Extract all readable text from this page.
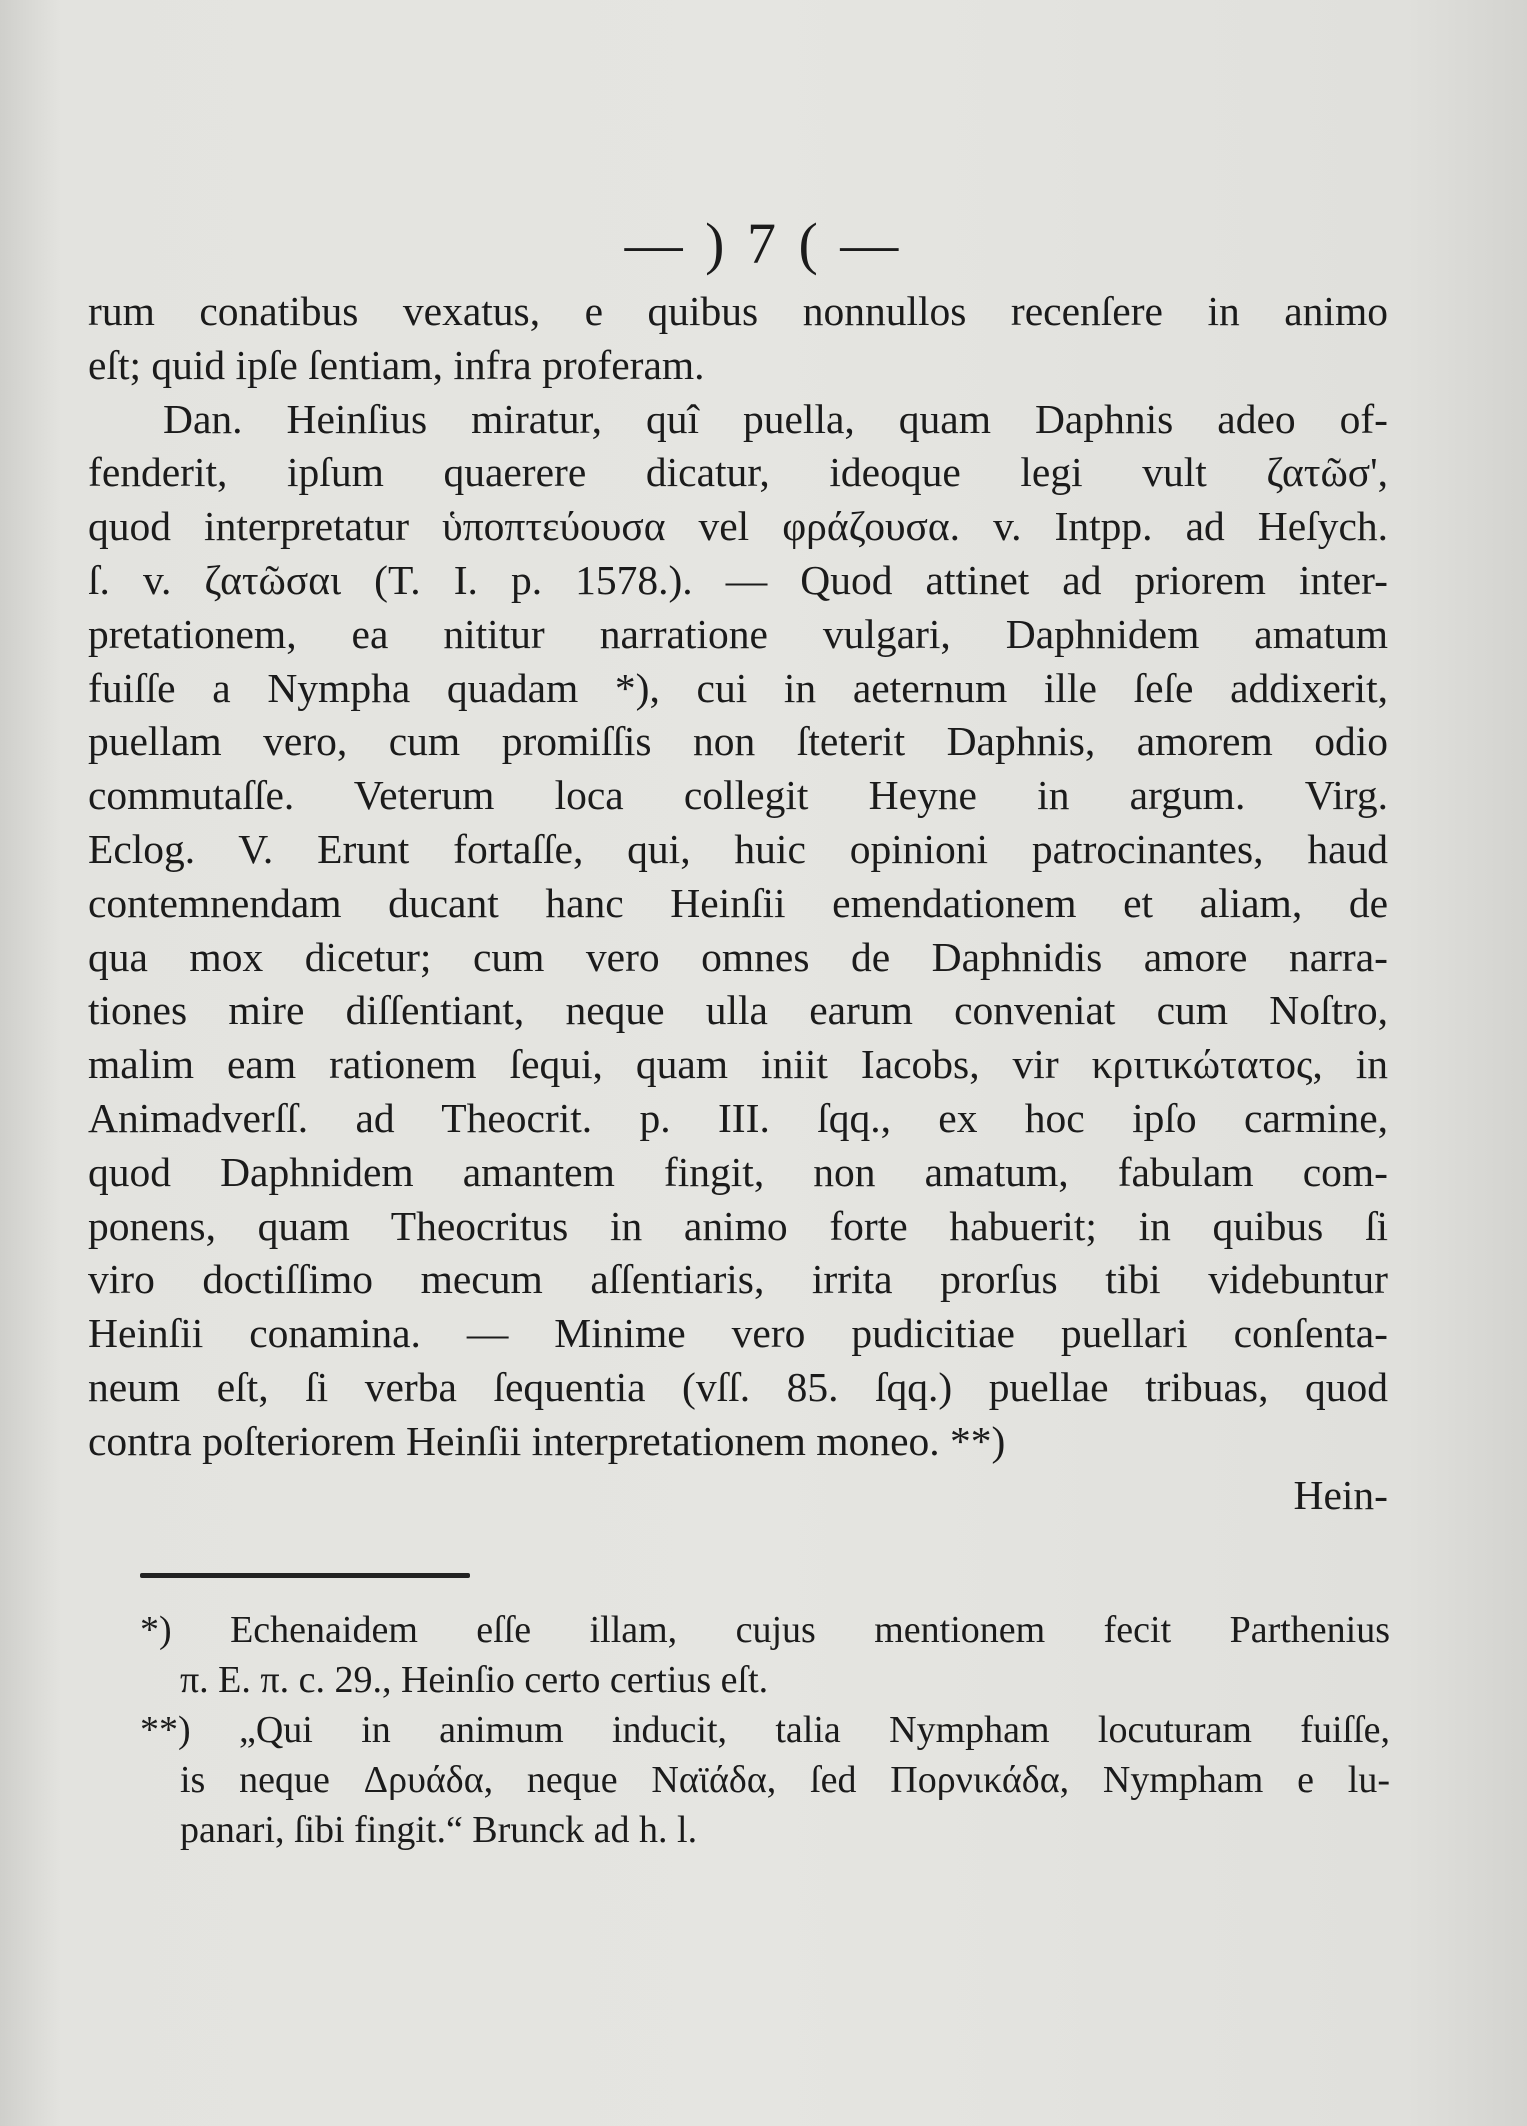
— ) 7 ( —
rum conatibus vexatus, e quibus nonnullos recenſere in animo
eſt; quid ipſe ſentiam, infra proferam.
Dan. Heinſius miratur, quî puella, quam Daphnis adeo of-
fenderit, ipſum quaerere dicatur, ideoque legi vult ζατῶσ',
quod interpretatur ὑποπτεύουσα vel φράζουσα. v. Intpp. ad Heſych.
ſ. v. ζατῶσαι (T. I. p. 1578.). — Quod attinet ad priorem inter-
pretationem, ea nititur narratione vulgari, Daphnidem amatum
fuiſſe a Nympha quadam *), cui in aeternum ille ſeſe addixerit,
puellam vero, cum promiſſis non ſteterit Daphnis, amorem odio
commutaſſe. Veterum loca collegit Heyne in argum. Virg.
Eclog. V. Erunt fortaſſe, qui, huic opinioni patrocinantes, haud
contemnendam ducant hanc Heinſii emendationem et aliam, de
qua mox dicetur; cum vero omnes de Daphnidis amore narra-
tiones mire diſſentiant, neque ulla earum conveniat cum Noſtro,
malim eam rationem ſequi, quam iniit Iacobs, vir κριτικώτατος, in
Animadverſſ. ad Theocrit. p. III. ſqq., ex hoc ipſo carmine,
quod Daphnidem amantem fingit, non amatum, fabulam com-
ponens, quam Theocritus in animo forte habuerit; in quibus ſi
viro doctiſſimo mecum aſſentiaris, irrita prorſus tibi videbuntur
Heinſii conamina. — Minime vero pudicitiae puellari conſenta-
neum eſt, ſi verba ſequentia (vſſ. 85. ſqq.) puellae tribuas, quod
contra poſteriorem Heinſii interpretationem moneo. **)
Hein-
*) Echenaidem eſſe illam, cujus mentionem fecit Parthenius
π. Ε. π. c. 29., Heinſio certo certius eſt.
**) „Qui in animum inducit, talia Nympham locuturam fuiſſe,
is neque Δρυάδα, neque Ναϊάδα, ſed Πορνικάδα, Nympham e lu-
panari, ſibi fingit.“ Brunck ad h. l.
